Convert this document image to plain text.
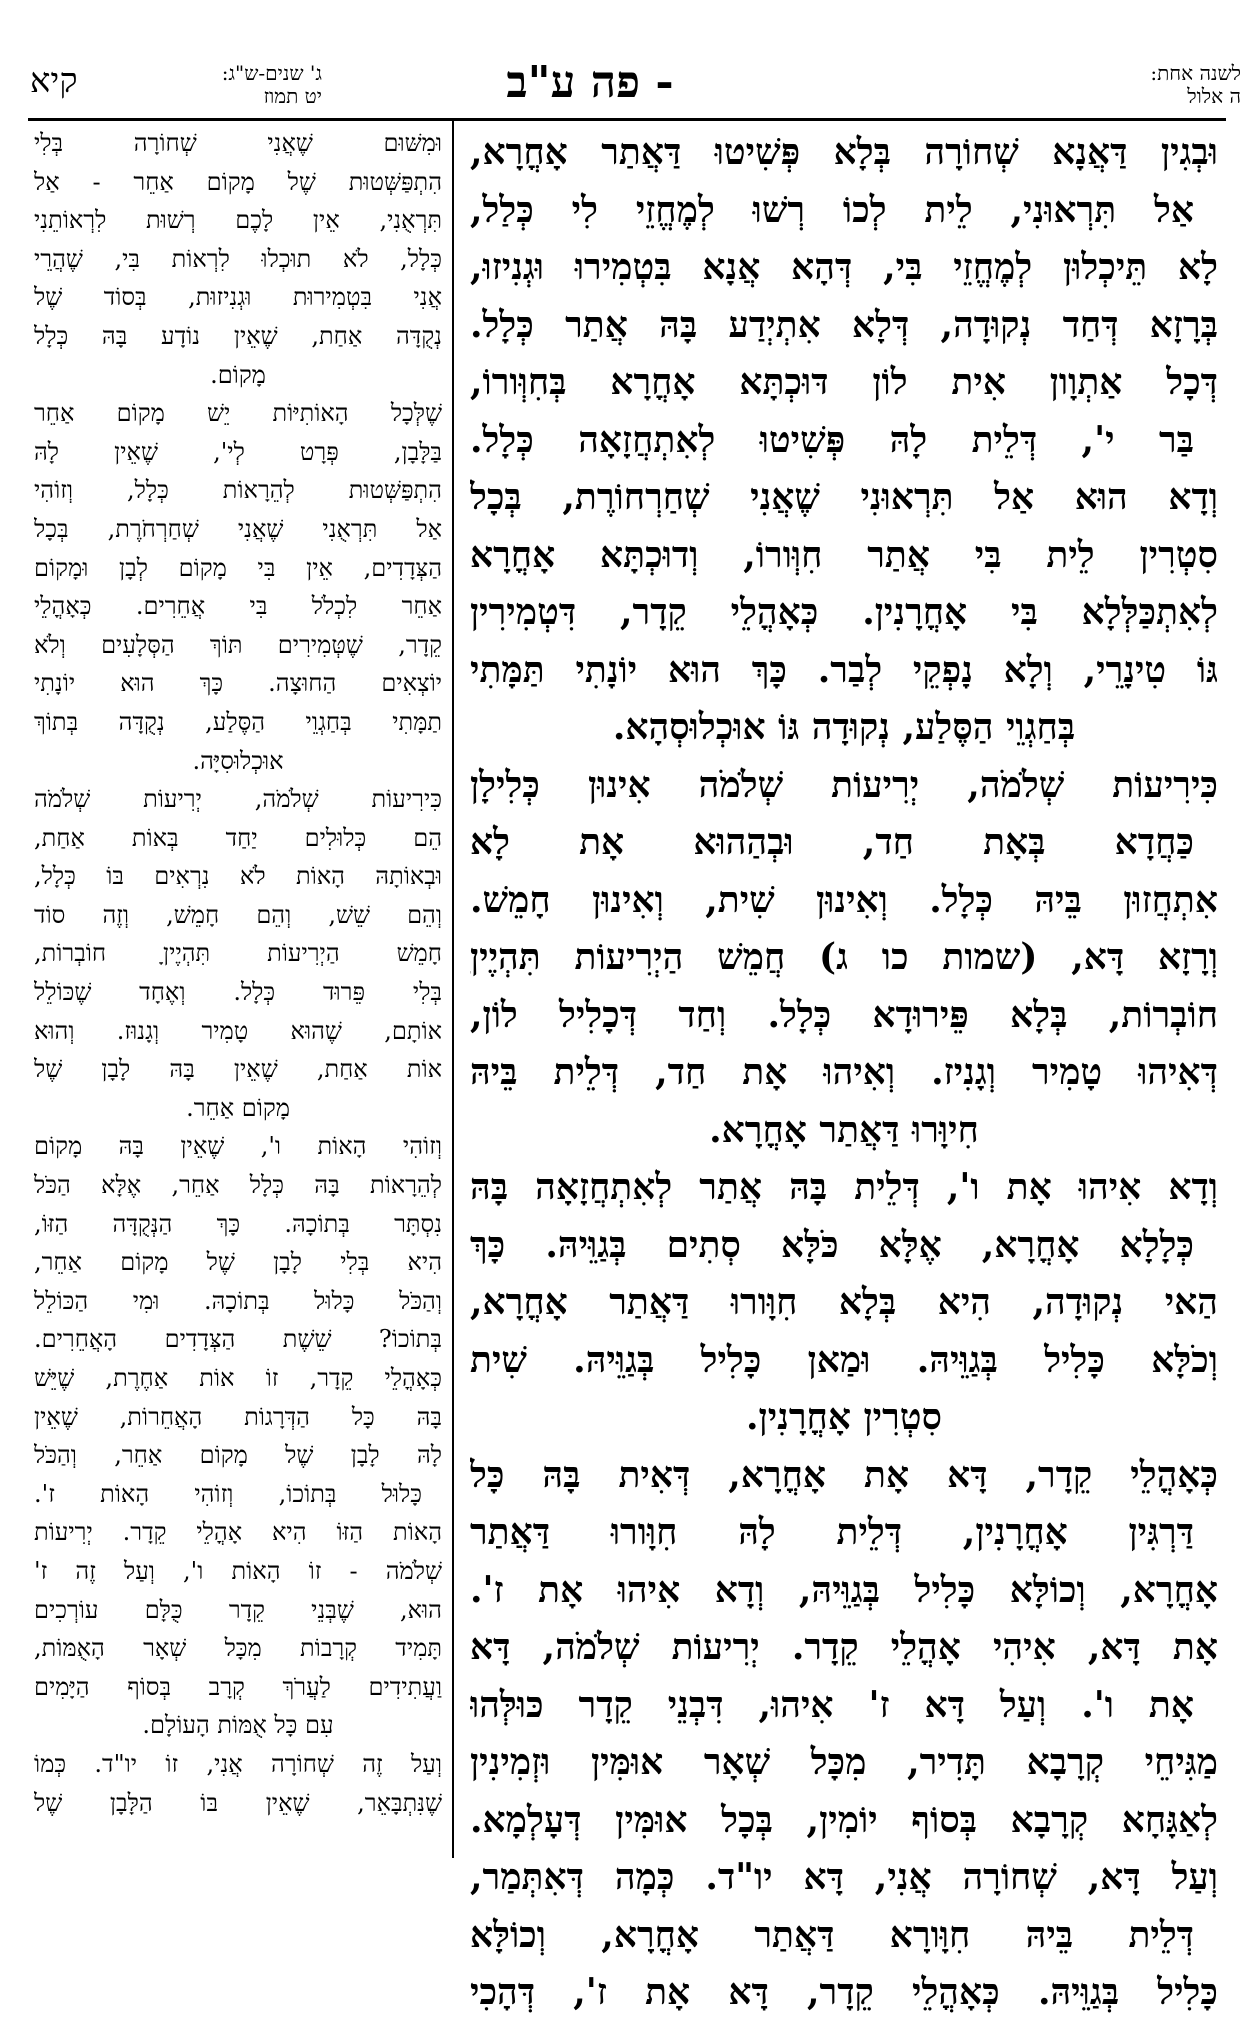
לשנה אחת:
ה אלול
- פה ע"ב
ג' שנים-ש"ג:
יט תמוז
קיא
וּבְגִין דַּאֲנָא שְׁחוֹרָה בְּלָא פְּשִׁיטוּ דַּאֲתַר אָחֳרָא,
אַל תִּרְאוּנִי, לֵית לְכוֹ רְשׁוּ לְמֶחֱזֵי לִי כְּלַל,
לָא תֵּיכְלוּן לְמֶחֱזֵי בִּי, דְּהָא אֲנָא בִּטְמִירוּ וּגְנִיזוּ,
בְּרָזָא דְּחַד נְקוּדָה, דְּלָא אִתְיְדַע בָּהּ אֲתַר כְּלָל.
דְּכָל אַתְוָון אִית לוֹן דּוּכְתָּא אָחֳרָא בְּחִוְּורוֹ,
בַּר י', דְּלֵית לָהּ פְּשִׁיטוּ לְאִתְחֲזָאָה כְּלָל.
וְדָא הוּא אַל תִּרְאוּנִי שֶׁאֲנִי שְׁחַרְחוֹרֶת, בְּכָל
סִטְרִין לֵית בִּי אֲתַר חִוְּורוֹ, וְדוּכְתָּא אָחֳרָא
לְאִתְכַּלְּלָא בִּי אָחֳרָנִין. כְּאָהֳלֵי קֵדָר, דִּטְמִירִין
גּוֹ טִינָרֵי, וְלָא נָפְקֵי לְבַר. כָּךְ הוּא יוֹנָתִי תַּמָּתִי
בְּחַגְוֵי הַסֶּלַע, נְקוּדָה גּוֹ אוּכְלוּסְהָא.
כִּירִיעוֹת שְׁלֹמֹה, יְרִיעוֹת שְׁלֹמֹה אִינוּן כְּלִילָן
כַּחֲדָא בְּאָת חַד, וּבְהַהוּא אָת לָא
אִתְחֲזוּן בֵּיהּ כְּלָל. וְאִינוּן שִׁית, וְאִינוּן חָמֵשׁ.
וְרָזָא דָּא, (שמות כו ג) חֲמֵשׁ הַיְרִיעוֹת תִּהְיֶיןָ
חוֹבְרוֹת, בְּלָא פֵּירוּדָא כְּלָל. וְחַד דְּכָלִיל לוֹן,
דְּאִיהוּ טָמִיר וְגָנִיז. וְאִיהוּ אָת חַד, דְּלֵית בֵּיהּ
חִיוָּרוּ דַּאֲתַר אָחֳרָא.
וְדָא אִיהוּ אָת ו', דְּלֵית בָּהּ אֲתַר לְאִתְחֲזָאָה בָּהּ
כְּלָלָא אָחֳרָא, אֶלָּא כֹּלָּא סְתִים בְּגַוֵּיהּ. כָּךְ
הַאי נְקוּדָה, הִיא בְּלָא חִוָּורוּ דַּאֲתַר אָחֳרָא,
וְכֹלָּא כָּלִיל בְּגַוֵּיהּ. וּמַאן כָּלִיל בְּגַוֵּיהּ. שִׁית
סִטְרִין אָחֳרָנִין.
כְּאָהֳלֵי קֵדָר, דָּא אָת אָחֳרָא, דְּאִית בָּהּ כָּל
דַּרְגִּין אָחֳרָנִין, דְּלֵית לָהּ חִוָּורוּ דַּאֲתַר
אָחֳרָא, וְכוֹלָּא כָּלִיל בְּגַוֵּיהּ, וְדָא אִיהוּ אָת ז'.
אָת דָּא, אִיהִי אָהֳלֵי קֵדָר. יְרִיעוֹת שְׁלֹמֹה, דָּא
אָת ו'. וְעַל דָּא ז' אִיהוּ, דִּבְנֵי קֵדָר כּוּלְּהוּ
מַגִּיחֵי קְרָבָא תָּדִיר, מִכָּל שְׁאָר אוּמִּין וּזְמִינִין
לְאַגָּחָא קְרָבָא בְּסוֹף יוֹמִין, בְּכָל אוּמִּין דְּעָלְמָא.
וְעַל דָּא, שְׁחוֹרָה אֲנִי, דָּא יו"ד. כְּמָה דְּאִתְּמַר,
דְּלֵית בֵּיהּ חִוָּורָא דַּאֲתַר אָחֳרָא, וְכוֹלָּא
כָּלִיל בְּגַוֵּיהּ. כְּאָהֳלֵי קֵדָר, דָּא אָת ז', דְּהָכִי
וּמִשּׁוּם שֶׁאֲנִי שְׁחוֹרָה בְּלִי
הִתְפַּשְּׁטוּת שֶׁל מָקוֹם אַחֵר - אַל
תִּרְאֻנִי, אֵין לָכֶם רְשׁוּת לִרְאוֹתֵנִי
כְּלָל, לֹא תוּכְלוּ לִרְאוֹת בִּי, שֶׁהֲרֵי
אֲנִי בִּטְמִירוּת וּגְנִיזוּת, בְּסוֹד שֶׁל
נְקֻדָּה אַחַת, שֶׁאֵין נוֹדָע בָּהּ כְּלָל
מָקוֹם.
שֶׁלְּכָל הָאוֹתִיּוֹת יֵשׁ מָקוֹם אַחֵר
בַּלָּבָן, פְּרָט לְי', שֶׁאֵין לָהּ
הִתְפַּשְּׁטוּת לְהֵרָאוֹת כְּלָל, וְזוֹהִי
אַל תִּרְאֻנִי שֶׁאֲנִי שְׁחַרְחֹרֶת, בְּכָל
הַצְּדָדִים, אֵין בִּי מָקוֹם לְבָן וּמָקוֹם
אַחֵר לִכְלֹל בִּי אֲחֵרִים. כְּאָהֳלֵי
קֵדָר, שֶׁטְּמִירִים תּוֹךְ הַסְּלָעִים וְלֹא
יוֹצְאִים הַחוּצָה. כָּךְ הוּא יוֹנָתִי
תַמָּתִי בְּחַגְוֵי הַסֶּלַע, נְקֻדָּה בְּתוֹךְ
אוּכְלוּסִיָּה.
כִּירִיעוֹת שְׁלֹמֹה, יְרִיעוֹת שְׁלֹמֹה
הֵם כְּלוּלִים יַחַד בְּאוֹת אַחַת,
וּבְאוֹתָהּ הָאוֹת לֹא נִרְאִים בּוֹ כְּלָל,
וְהֵם שֵׁשׁ, וְהֵם חָמֵשׁ, וְזֶה סוֹד
חָמֵשׁ הַיְרִיעוֹת תִּהְיֶיןָ חוֹבְרוֹת,
בְּלִי פֵּרוּד כְּלָל. וְאֶחָד שֶׁכּוֹלֵל
אוֹתָם, שֶׁהוּא טָמִיר וְגָנוּז. וְהוּא
אוֹת אַחַת, שֶׁאֵין בָּהּ לָבָן שֶׁל
מָקוֹם אַחֵר.
וְזוֹהִי הָאוֹת ו', שֶׁאֵין בָּהּ מָקוֹם
לְהֵרָאוֹת בָּהּ כְּלָל אַחֵר, אֶלָּא הַכֹּל
נִסְתָּר בְּתוֹכָהּ. כָּךְ הַנְּקֻדָּה הַזּוֹ,
הִיא בְּלִי לָבָן שֶׁל מָקוֹם אַחֵר,
וְהַכֹּל כָּלוּל בְּתוֹכָהּ. וּמִי הַכּוֹלֵל
בְּתוֹכוֹ? שֵׁשֶׁת הַצְּדָדִים הָאֲחֵרִים.
כְּאָהֳלֵי קֵדָר, זוֹ אוֹת אַחֶרֶת, שֶׁיֵּשׁ
בָּהּ כָּל הַדְּרָגוֹת הָאֲחֵרוֹת, שֶׁאֵין
לָהּ לָבָן שֶׁל מָקוֹם אַחֵר, וְהַכֹּל
כָּלוּל בְּתוֹכוֹ, וְזוֹהִי הָאוֹת ז'.
הָאוֹת הַזּוֹ הִיא אָהֳלֵי קֵדָר. יְרִיעוֹת
שְׁלֹמֹה - זוֹ הָאוֹת ו', וְעַל זֶה ז'
הוּא, שֶׁבְּנֵי קֵדָר כֻּלָּם עוֹרְכִים
תָּמִיד קְרָבוֹת מִכָּל שְׁאָר הָאֻמּוֹת,
וַעֲתִידִים לַעֲרֹךְ קְרָב בְּסוֹף הַיָּמִים
עִם כָּל אֻמּוֹת הָעוֹלָם.
וְעַל זֶה שְׁחוֹרָה אֲנִי, זוֹ יו"ד. כְּמוֹ
שֶׁנִּתְבָּאֵר, שֶׁאֵין בּוֹ הַלָּבָן שֶׁל
